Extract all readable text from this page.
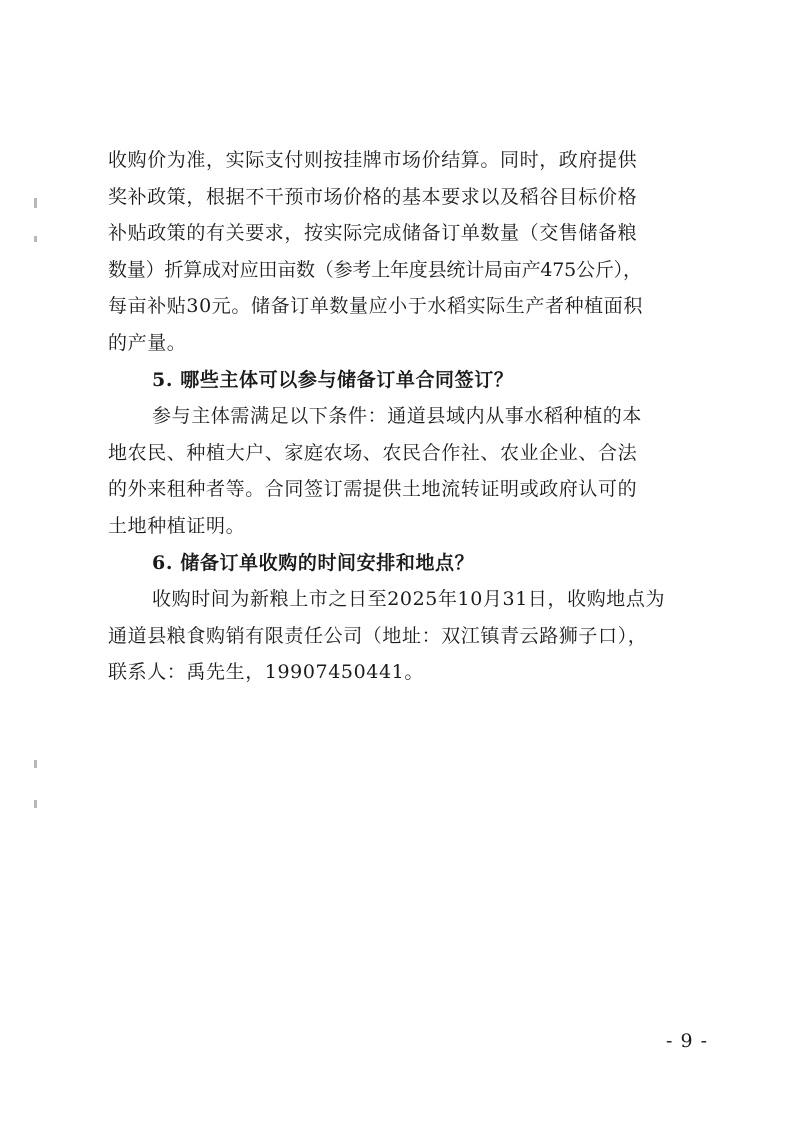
收购价为准，实际支付则按挂牌市场价结算。同时，政府提供
奖补政策，根据不干预市场价格的基本要求以及稻谷目标价格
补贴政策的有关要求，按实际完成储备订单数量（交售储备粮
数量）折算成对应田亩数（参考上年度县统计局亩产475公斤），
每亩补贴30元。储备订单数量应小于水稻实际生产者种植面积
的产量。
5. 哪些主体可以参与储备订单合同签订？
参与主体需满足以下条件：通道县域内从事水稻种植的本
地农民、种植大户、家庭农场、农民合作社、农业企业、合法
的外来租种者等。合同签订需提供土地流转证明或政府认可的
土地种植证明。
6. 储备订单收购的时间安排和地点？
收购时间为新粮上市之日至2025年10月31日，收购地点为
通道县粮食购销有限责任公司（地址：双江镇青云路狮子口），
联系人：禹先生，19907450441。
- 9 -
